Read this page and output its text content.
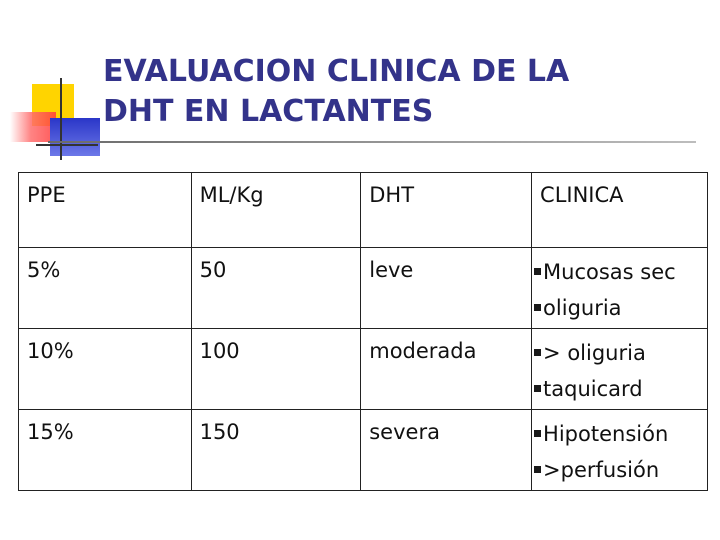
EVALUACION CLINICA DE LA
DHT EN LACTANTES
PPE	ML/Kg	DHT	CLINICA
5%	50	leve	Mucosas sec
oliguria

10%	100	moderada	> oliguria
taquicard

15%	150	severa	Hipotensión
>perfusión
